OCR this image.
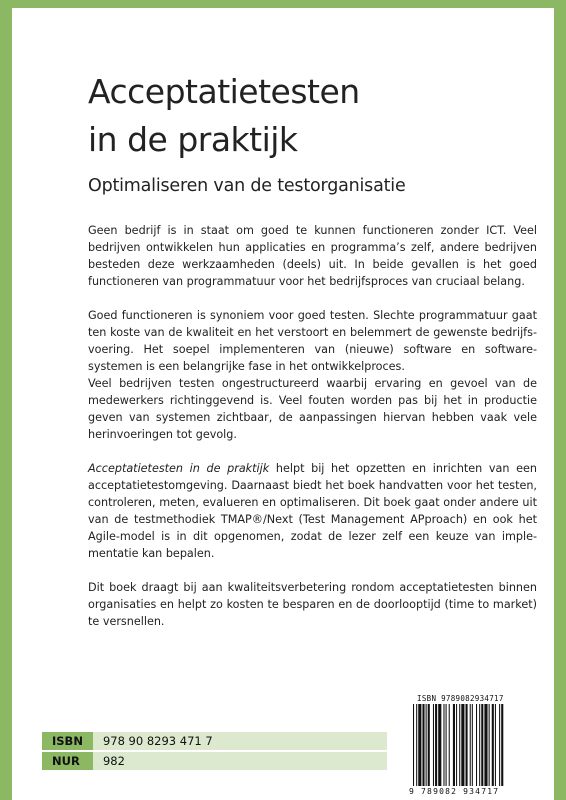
Acceptatietesten
in de praktijk
Optimaliseren van de testorganisatie

Geen bedrijf is in staat om goed te kunnen functioneren zonder ICT. Veel bedrijven ontwikkelen hun applicaties en programma’s zelf, andere bedrijven besteden deze werkzaamheden (deels) uit. In beide gevallen is het goed functioneren van programmatuur voor het bedrijfsproces van cruciaal belang.

Goed functioneren is synoniem voor goed testen. Slechte programmatuur gaat ten koste van de kwaliteit en het verstoort en belemmert de gewenste bedrijfs-voering. Het soepel implementeren van (nieuwe) software en software-systemen is een belangrijke fase in het ontwikkelproces.

Veel bedrijven testen ongestructureerd waarbij ervaring en gevoel van de medewerkers richtinggevend is. Veel fouten worden pas bij het in productie geven van systemen zichtbaar, de aanpassingen hiervan hebben vaak vele herinvoeringen tot gevolg.

Acceptatietesten in de praktijk helpt bij het opzetten en inrichten van een acceptatietestomgeving. Daarnaast biedt het boek handvatten voor het testen, controleren, meten, evalueren en optimaliseren. Dit boek gaat onder andere uit van de testmethodiek TMAP®/Next (Test Management APproach) en ook het Agile-model is in dit opgenomen, zodat de lezer zelf een keuze van imple- mentatie kan bepalen.

Dit boek draagt bij aan kwaliteitsverbetering rondom acceptatietesten binnen organisaties en helpt zo kosten te besparen en de doorlooptijd (time to market) te versnellen.

ISBN	978 90 8293 471 7
NUR	982
ISBN 9789082934717
9 789082 934717
